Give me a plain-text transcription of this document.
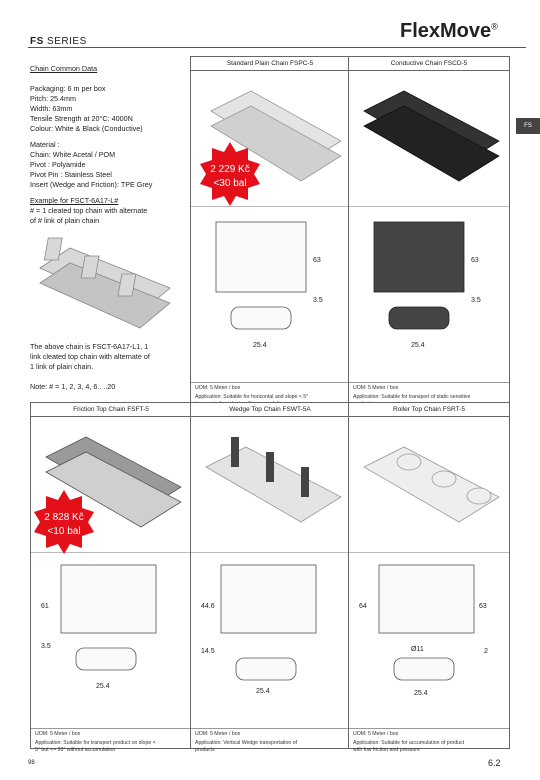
FS SERIES	FlexMove®
FS
Chain Common Data
Packaging: 6 m per box
Pitch: 25.4mm
Width: 63mm
Tensile Strength at 20°C: 4000N
Colour: White & Black (Conductive)
Material :
Chain: White Acetal / POM
Pivot : Polyamide
Pivot Pin : Stainless Steel
Insert (Wedge and Friction): TPE Grey
Example for FSCT-6A17-L#
# = 1 cleated top chain with alternate
of # link of plain chain
The above chain is FSCT-6A17-L1, 1
link cleated top chain with alternate of
1 link of plain chain.
Note: # = 1, 2, 3, 4, 6.. ..20
Standard Plain Chain FSPC-5

63
3.5
25.4
UOM: 5 Meter / box
Application: Suitable for horizontal and slope < 5°
Conductive Chain FSCD-5

63
3.5
25.4
UOM: 5 Meter / box
Application: Suitable for transport of static sensitive
Friction Top Chain FSFT-5

61
3.5
25.4
UOM: 5 Meter / box
Application: Suitable for transport product on slope <
5° but <= 30° without accumulation
Wedge Top Chain FSWT-5A

44.6
14.5
25.4
UOM: 5 Meter / box
Application: Vertical Wedge transportation of
products
Roller Top Chain FSRT-5

64	63
Ø11	2
25.4
UOM: 5 Meter / box
Application: Suitable for accumulation of product
with low friction and pressure
2 229 Kč
<30 bal
2 828 Kč
<10 bal
98	6.2
